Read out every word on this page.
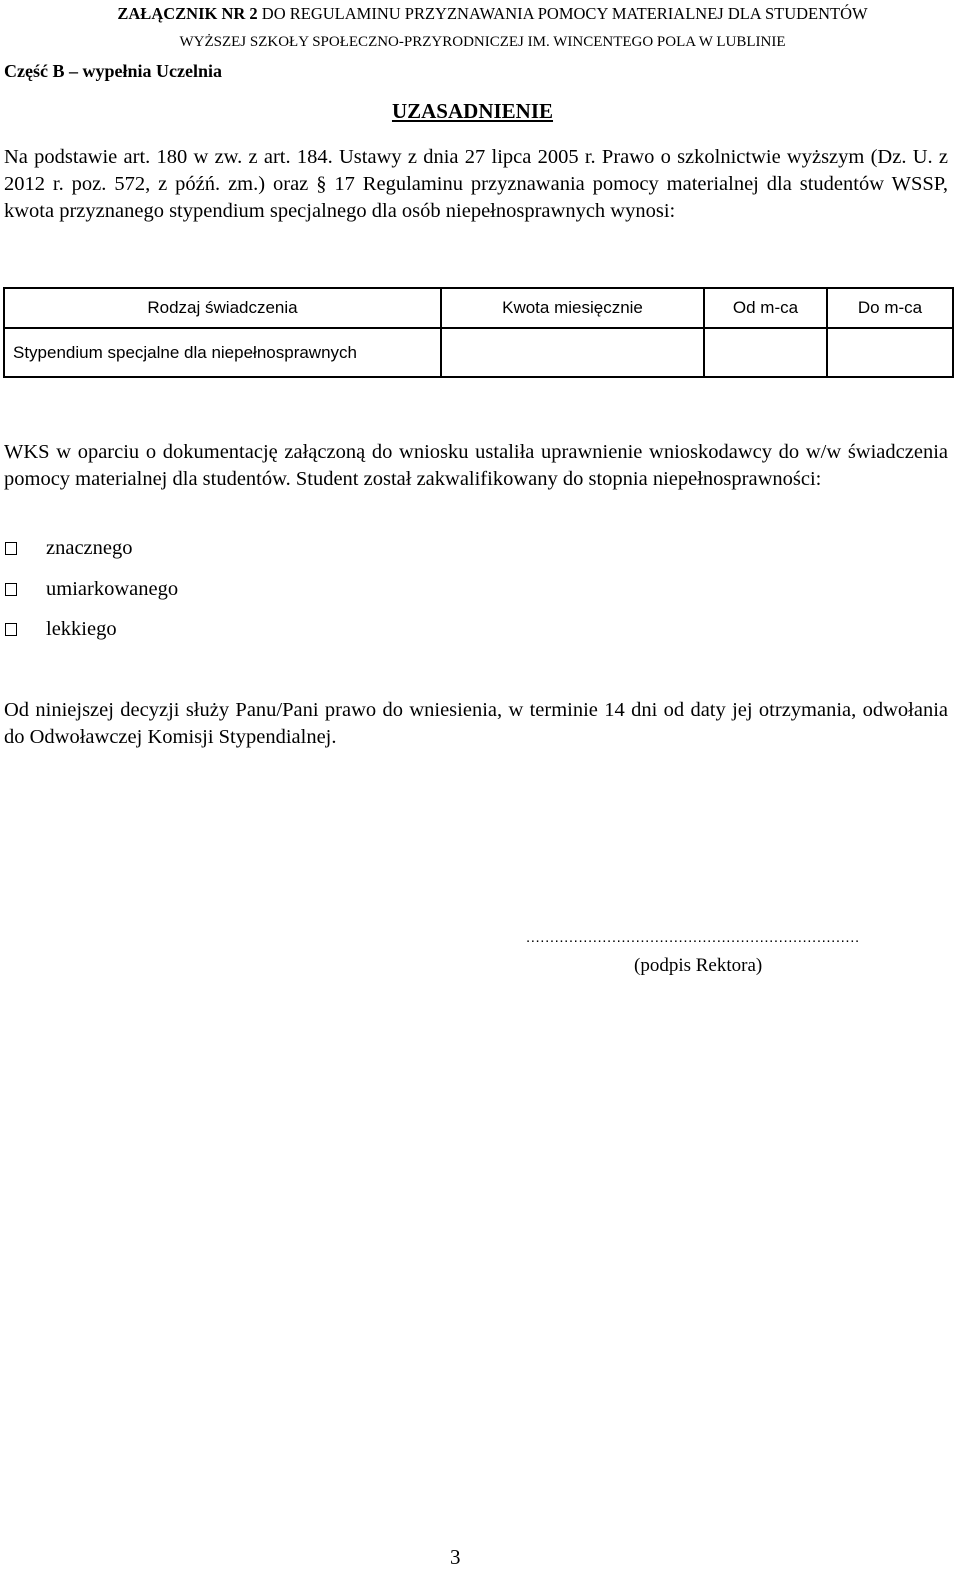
ZAŁĄCZNIK NR 2 DO REGULAMINU PRZYZNAWANIA POMOCY MATERIALNEJ DLA STUDENTÓW
WYŻSZEJ SZKOŁY SPOŁECZNO-PRZYRODNICZEJ IM. WINCENTEGO POLA W LUBLINIE
Część B – wypełnia Uczelnia
UZASADNIENIE
Na podstawie art. 180 w zw. z art. 184. Ustawy z dnia 27 lipca 2005 r. Prawo o szkolnictwie wyższym (Dz. U. z 2012 r. poz. 572, z późń. zm.) oraz § 17 Regulaminu przyznawania pomocy materialnej dla studentów WSSP, kwota przyznanego stypendium specjalnego dla osób niepełnosprawnych wynosi:
Rodzaj świadczenia	Kwota miesięcznie	Od m-ca	Do m-ca
Stypendium specjalne dla niepełnosprawnych			
WKS w oparciu o dokumentację załączoną do wniosku ustaliła uprawnienie wnioskodawcy do w/w świadczenia pomocy materialnej dla studentów. Student został zakwalifikowany do stopnia niepełnosprawności:
znacznego
umiarkowanego
lekkiego
Od niniejszej decyzji służy Panu/Pani prawo do wniesienia, w terminie 14 dni od daty jej otrzymania, odwołania do Odwoławczej Komisji Stypendialnej.
......................................................................
(podpis Rektora)
3
